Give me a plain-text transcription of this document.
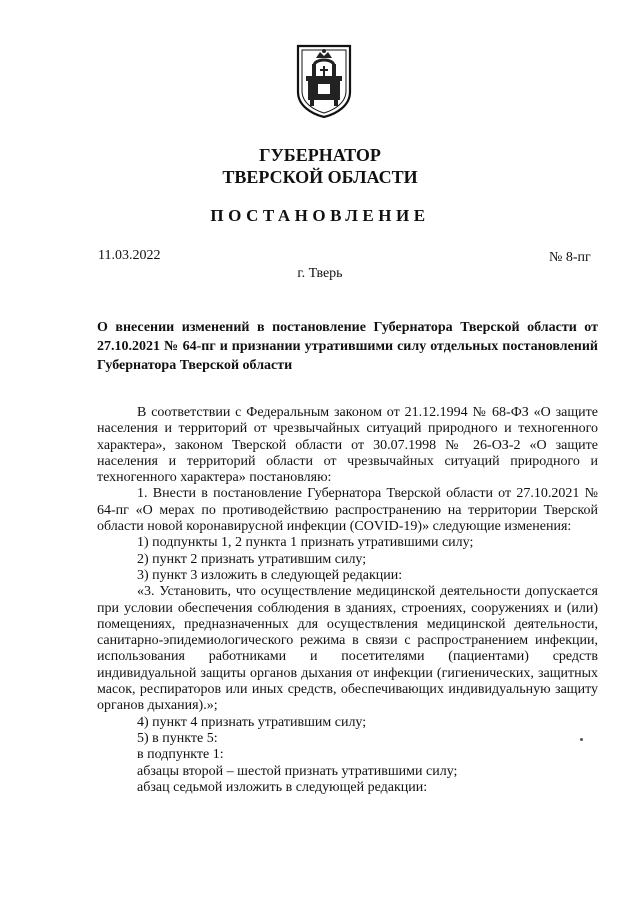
ГУБЕРНАТОР
ТВЕРСКОЙ ОБЛАСТИ
ПОСТАНОВЛЕНИЕ
11.03.2022	№ 8-пг
г. Тверь
О внесении изменений в постановление Губернатора Тверской области от 27.10.2021 № 64-пг и признании утратившими силу отдельных постановлений Губернатора Тверской области

В соответствии с Федеральным законом от 21.12.1994 № 68-ФЗ «О защите населения и территорий от чрезвычайных ситуаций природного и техногенного характера», законом Тверской области от 30.07.1998 № 26-ОЗ-2 «О защите населения и территорий области от чрезвычайных ситуаций природного и техногенного характера» постановляю:

1. Внести в постановление Губернатора Тверской области от 27.10.2021 № 64-пг «О мерах по противодействию распространению на территории Тверской области новой коронавирусной инфекции (COVID-19)» следующие изменения:

1) подпункты 1, 2 пункта 1 признать утратившими силу;

2) пункт 2 признать утратившим силу;

3) пункт 3 изложить в следующей редакции:

«3. Установить, что осуществление медицинской деятельности допускается при условии обеспечения соблюдения в зданиях, строениях, сооружениях и (или) помещениях, предназначенных для осуществления медицинской деятельности, санитарно-эпидемиологического режима в связи с распространением инфекции, использования работниками и посетителями (пациентами) средств индивидуальной защиты органов дыхания от инфекции (гигиенических, защитных масок, респираторов или иных средств, обеспечивающих индивидуальную защиту органов дыхания).»;

4) пункт 4 признать утратившим силу;

5) в пункте 5:

в подпункте 1:

абзацы второй – шестой признать утратившими силу;

абзац седьмой изложить в следующей редакции:
